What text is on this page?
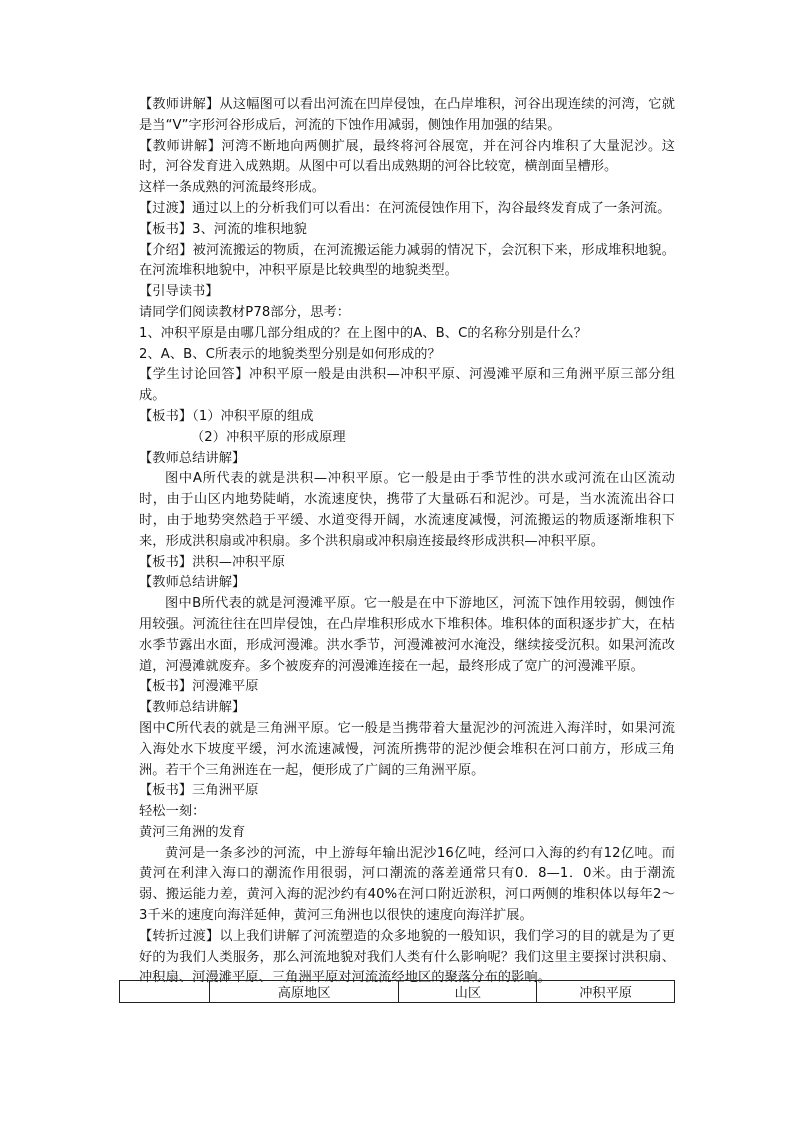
【教师讲解】从这幅图可以看出河流在凹岸侵蚀，在凸岸堆积，河谷出现连续的河湾，它就是当“V”字形河谷形成后，河流的下蚀作用减弱，侧蚀作用加强的结果。

【教师讲解】河湾不断地向两侧扩展，最终将河谷展宽，并在河谷内堆积了大量泥沙。这时，河谷发育进入成熟期。从图中可以看出成熟期的河谷比较宽，横剖面呈槽形。

这样一条成熟的河流最终形成。

【过渡】通过以上的分析我们可以看出：在河流侵蚀作用下，沟谷最终发育成了一条河流。

【板书】3、河流的堆积地貌

【介绍】被河流搬运的物质，在河流搬运能力减弱的情况下，会沉积下来，形成堆积地貌。在河流堆积地貌中，冲积平原是比较典型的地貌类型。

【引导读书】

请同学们阅读教材P78部分，思考：

1、冲积平原是由哪几部分组成的？在上图中的A、B、C的名称分别是什么？

2、A、B、C所表示的地貌类型分别是如何形成的？

【学生讨论回答】冲积平原一般是由洪积—冲积平原、河漫滩平原和三角洲平原三部分组成。

【板书】（1）冲积平原的组成

（2）冲积平原的形成原理

【教师总结讲解】

图中A所代表的就是洪积—冲积平原。它一般是由于季节性的洪水或河流在山区流动时，由于山区内地势陡峭，水流速度快，携带了大量砾石和泥沙。可是，当水流流出谷口时，由于地势突然趋于平缓、水道变得开阔，水流速度减慢，河流搬运的物质逐渐堆积下来，形成洪积扇或冲积扇。多个洪积扇或冲积扇连接最终形成洪积—冲积平原。

【板书】洪积—冲积平原

【教师总结讲解】

图中B所代表的就是河漫滩平原。它一般是在中下游地区，河流下蚀作用较弱，侧蚀作用较强。河流往往在凹岸侵蚀，在凸岸堆积形成水下堆积体。堆积体的面积逐步扩大，在枯水季节露出水面，形成河漫滩。洪水季节，河漫滩被河水淹没，继续接受沉积。如果河流改道，河漫滩就废弃。多个被废弃的河漫滩连接在一起，最终形成了宽广的河漫滩平原。

【板书】河漫滩平原

【教师总结讲解】

图中C所代表的就是三角洲平原。它一般是当携带着大量泥沙的河流进入海洋时，如果河流入海处水下坡度平缓，河水流速减慢，河流所携带的泥沙便会堆积在河口前方，形成三角洲。若干个三角洲连在一起，便形成了广阔的三角洲平原。

【板书】三角洲平原

轻松一刻：

黄河三角洲的发育

黄河是一条多沙的河流，中上游每年输出泥沙16亿吨，经河口入海的约有12亿吨。而黄河在利津入海口的潮流作用很弱，河口潮流的落差通常只有0．8—1．0米。由于潮流弱、搬运能力差，黄河入海的泥沙约有40%在河口附近淤积，河口两侧的堆积体以每年2～3千米的速度向海洋延伸，黄河三角洲也以很快的速度向海洋扩展。

【转折过渡】以上我们讲解了河流塑造的众多地貌的一般知识，我们学习的目的就是为了更好的为我们人类服务，那么河流地貌对我们人类有什么影响呢？我们这里主要探讨洪积扇、冲积扇、河漫滩平原、三角洲平原对河流流经地区的聚落分布的影响。

	高原地区	山区	冲积平原
